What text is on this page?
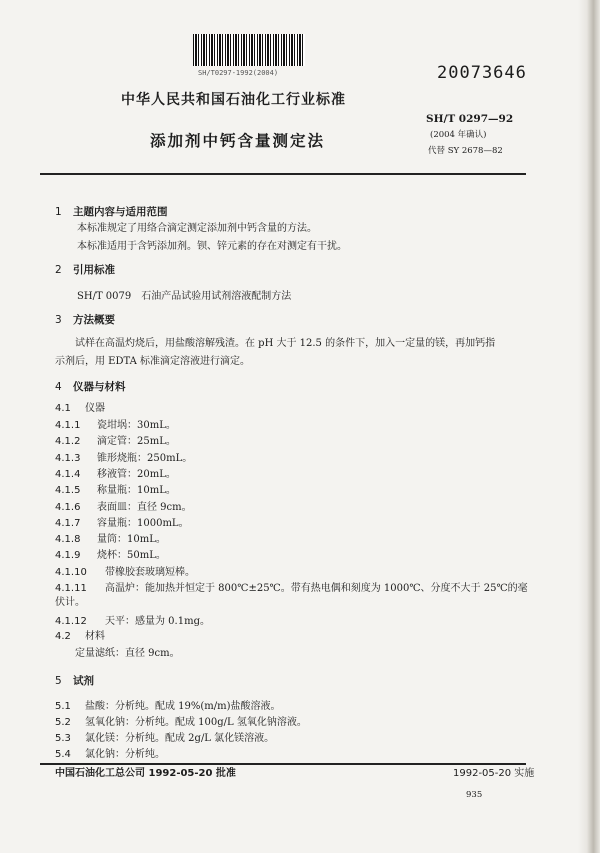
SH/T0297-1992(2004)	20073646
中华人民共和国石油化工行业标准
SH/T 0297—92
(2004 年确认)
添加剂中钙含量测定法
代替 SY 2678—82
1 主题内容与适用范围
本标准规定了用络合滴定测定添加剂中钙含量的方法。
本标准适用于含钙添加剂。钡、锌元素的存在对测定有干扰。
2 引用标准
SH/T 0079 石油产品试验用试剂溶液配制方法
3 方法概要
试样在高温灼烧后，用盐酸溶解残渣。在 pH 大于 12.5 的条件下，加入一定量的镁，再加钙指
示剂后，用 EDTA 标准滴定溶液进行滴定。
4 仪器与材料
4.1 仪器
4.1.1 瓷坩埚：30mL。
4.1.2 滴定管：25mL。
4.1.3 锥形烧瓶：250mL。
4.1.4 移液管：20mL。
4.1.5 称量瓶：10mL。
4.1.6 表面皿：直径 9cm。
4.1.7 容量瓶：1000mL。
4.1.8 量筒：10mL。
4.1.9 烧杯：50mL。
4.1.10 带橡胶套玻璃短棒。
4.1.11 高温炉：能加热并恒定于 800℃±25℃。带有热电偶和刻度为 1000℃、分度不大于 25℃的毫
4.1.12 天平：感量为 0.1mg。
伏计。
4.2 材料
定量滤纸：直径 9cm。
5 试剂
5.1 盐酸：分析纯。配成 19%(m/m)盐酸溶液。
5.2 氢氧化钠：分析纯。配成 100g/L 氢氧化钠溶液。
5.3 氯化镁：分析纯。配成 2g/L 氯化镁溶液。
5.4 氯化钠：分析纯。
中国石油化工总公司 1992-05-20 批准	1992-05-20 实施
935
